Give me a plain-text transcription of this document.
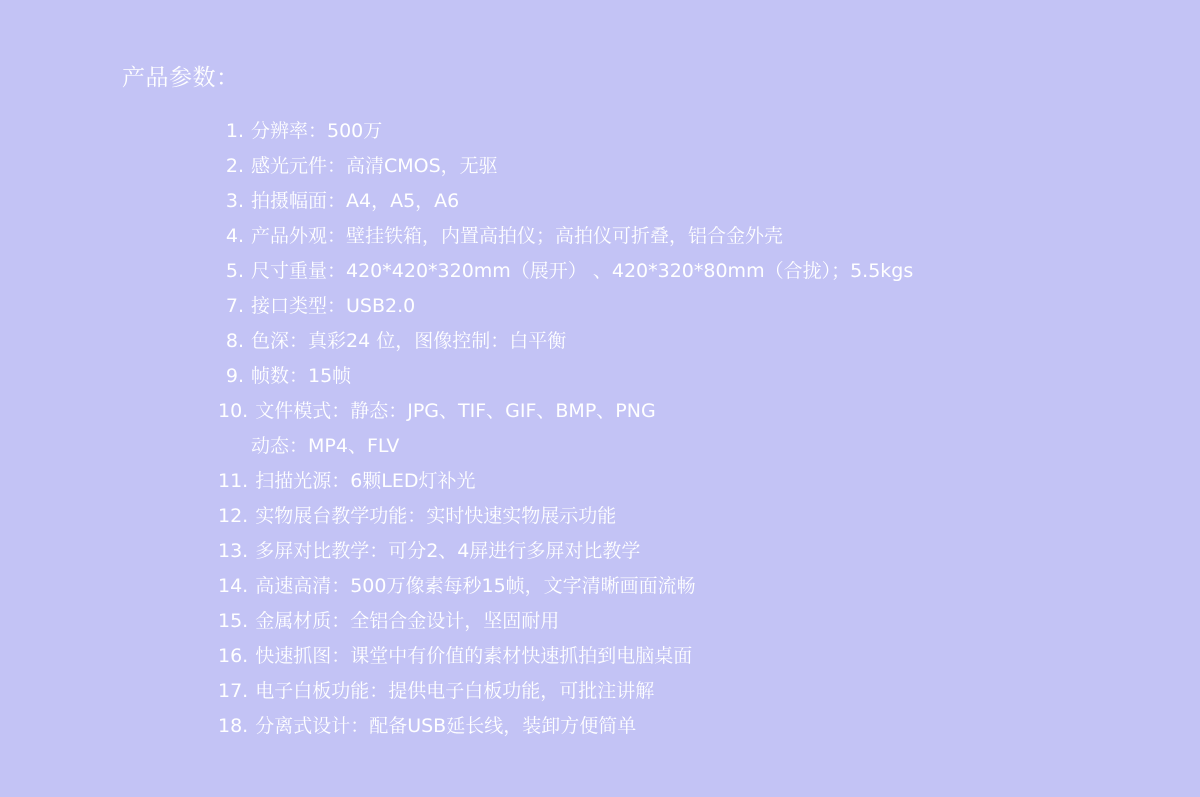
产品参数：
1. 分辨率：500万
2. 感光元件：高清CMOS，无驱
3. 拍摄幅面：A4，A5，A6
4. 产品外观：壁挂铁箱，内置高拍仪；高拍仪可折叠，铝合金外壳
5. 尺寸重量：420*420*320mm（展开） 、420*320*80mm（合拢）；5.5kgs
7. 接口类型：USB2.0
8. 色深：真彩24 位，图像控制：白平衡
9. 帧数：15帧
10. 文件模式：静态：JPG、TIF、GIF、BMP、PNG
动态：MP4、FLV
11. 扫描光源：6颗LED灯补光
12. 实物展台教学功能：实时快速实物展示功能
13. 多屏对比教学：可分2、4屏进行多屏对比教学
14. 高速高清：500万像素每秒15帧，文字清晰画面流畅
15. 金属材质：全铝合金设计，坚固耐用
16. 快速抓图：课堂中有价值的素材快速抓拍到电脑桌面
17. 电子白板功能：提供电子白板功能，可批注讲解
18. 分离式设计：配备USB延长线，装卸方便简单
